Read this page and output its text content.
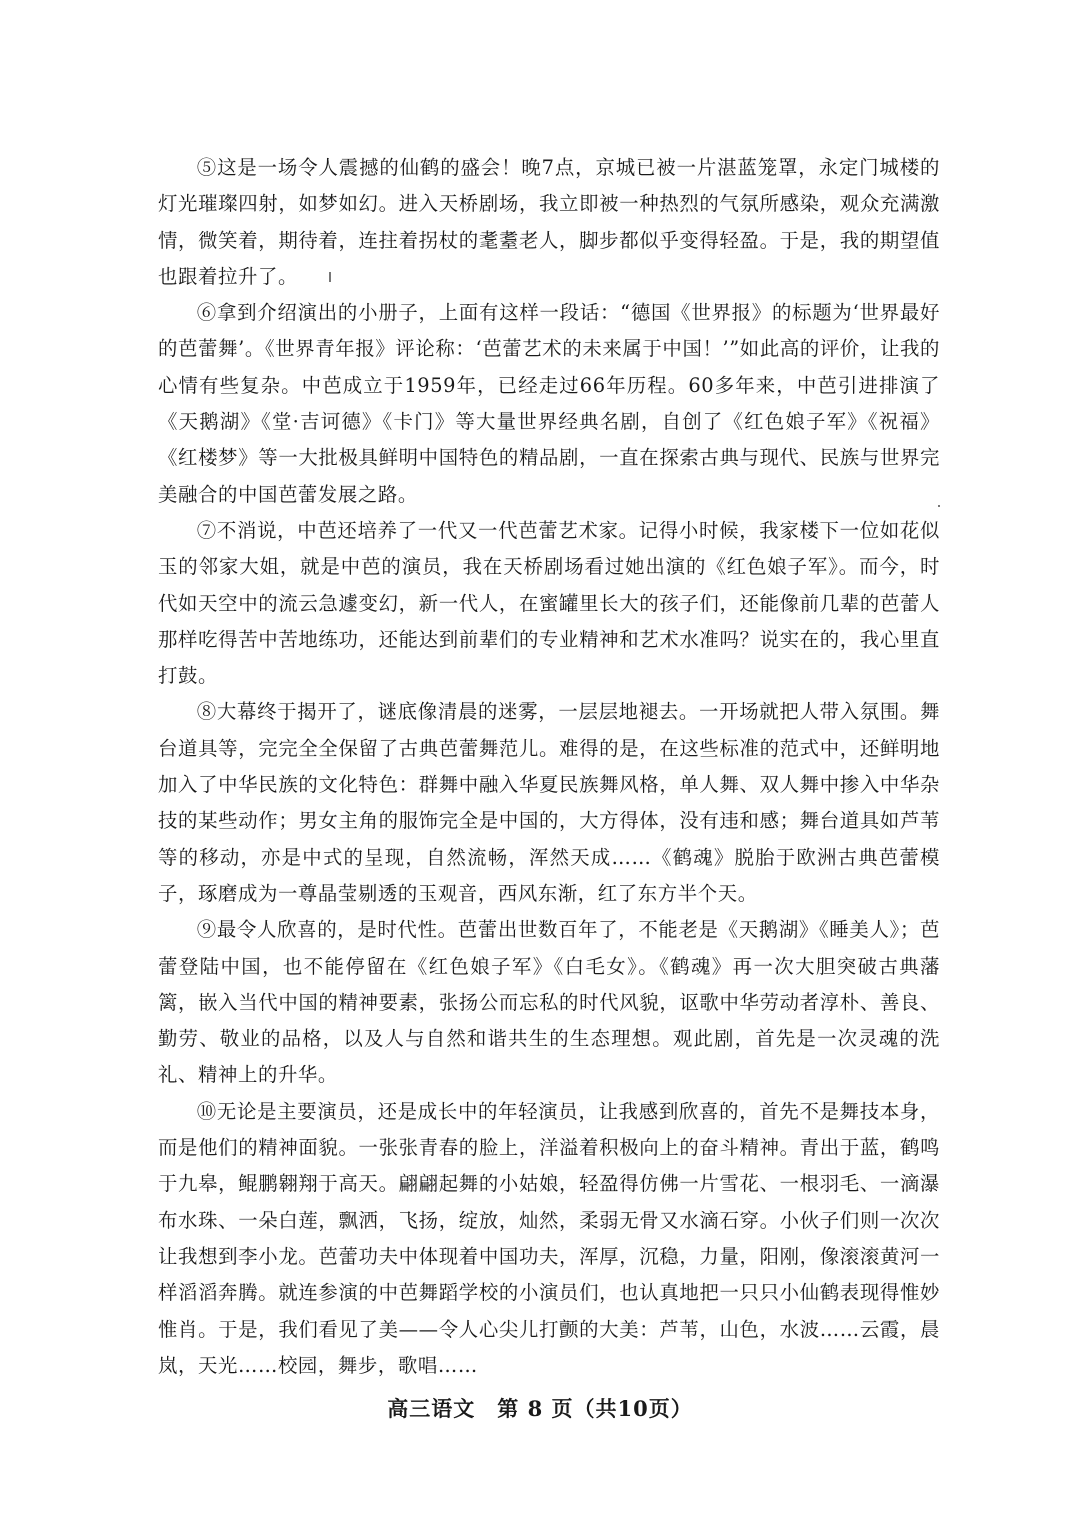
⑤这是一场令人震撼的仙鹤的盛会！晚7点，京城已被一片湛蓝笼罩，永定门城楼的灯光璀璨四射，如梦如幻。进入天桥剧场，我立即被一种热烈的气氛所感染，观众充满激情，微笑着，期待着，连拄着拐杖的耄耋老人，脚步都似乎变得轻盈。于是，我的期望值也跟着拉升了。

⑥拿到介绍演出的小册子，上面有这样一段话：“德国《世界报》的标题为‘世界最好的芭蕾舞’。《世界青年报》评论称：‘芭蕾艺术的未来属于中国！’”如此高的评价，让我的心情有些复杂。中芭成立于1959年，已经走过66年历程。60多年来，中芭引进排演了《天鹅湖》《堂·吉诃德》《卡门》等大量世界经典名剧，自创了《红色娘子军》《祝福》《红楼梦》等一大批极具鲜明中国特色的精品剧，一直在探索古典与现代、民族与世界完美融合的中国芭蕾发展之路。

⑦不消说，中芭还培养了一代又一代芭蕾艺术家。记得小时候，我家楼下一位如花似玉的邻家大姐，就是中芭的演员，我在天桥剧场看过她出演的《红色娘子军》。而今，时代如天空中的流云急遽变幻，新一代人，在蜜罐里长大的孩子们，还能像前几辈的芭蕾人那样吃得苦中苦地练功，还能达到前辈们的专业精神和艺术水准吗？说实在的，我心里直打鼓。

⑧大幕终于揭开了，谜底像清晨的迷雾，一层层地褪去。一开场就把人带入氛围。舞台道具等，完完全全保留了古典芭蕾舞范儿。难得的是，在这些标准的范式中，还鲜明地加入了中华民族的文化特色：群舞中融入华夏民族舞风格，单人舞、双人舞中掺入中华杂技的某些动作；男女主角的服饰完全是中国的，大方得体，没有违和感；舞台道具如芦苇等的移动，亦是中式的呈现，自然流畅，浑然天成……《鹤魂》脱胎于欧洲古典芭蕾模子，琢磨成为一尊晶莹剔透的玉观音，西风东渐，红了东方半个天。

⑨最令人欣喜的，是时代性。芭蕾出世数百年了，不能老是《天鹅湖》《睡美人》；芭蕾登陆中国，也不能停留在《红色娘子军》《白毛女》。《鹤魂》再一次大胆突破古典藩篱，嵌入当代中国的精神要素，张扬公而忘私的时代风貌，讴歌中华劳动者淳朴、善良、勤劳、敬业的品格，以及人与自然和谐共生的生态理想。观此剧，首先是一次灵魂的洗礼、精神上的升华。

⑩无论是主要演员，还是成长中的年轻演员，让我感到欣喜的，首先不是舞技本身，而是他们的精神面貌。一张张青春的脸上，洋溢着积极向上的奋斗精神。青出于蓝，鹤鸣于九皋，鲲鹏翱翔于高天。翩翩起舞的小姑娘，轻盈得仿佛一片雪花、一根羽毛、一滴瀑布水珠、一朵白莲，飘洒，飞扬，绽放，灿然，柔弱无骨又水滴石穿。小伙子们则一次次让我想到李小龙。芭蕾功夫中体现着中国功夫，浑厚，沉稳，力量，阳刚，像滚滚黄河一样滔滔奔腾。就连参演的中芭舞蹈学校的小演员们，也认真地把一只只小仙鹤表现得惟妙惟肖。于是，我们看见了美——令人心尖儿打颤的大美：芦苇，山色，水波……云霞，晨岚，天光……校园，舞步，歌唱……

高三语文　第 8 页（共10页）
